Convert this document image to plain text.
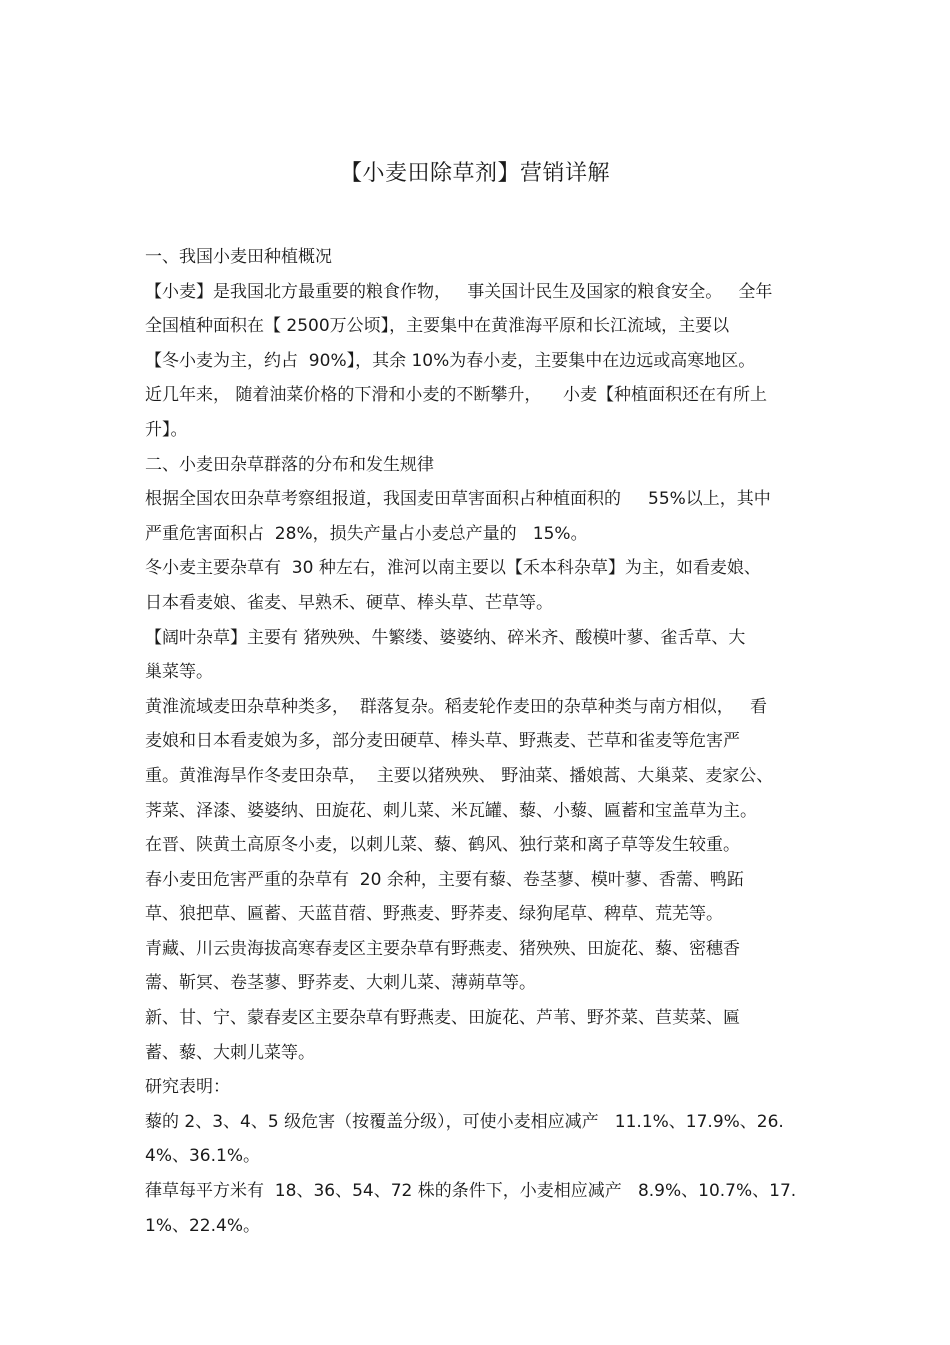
【小麦田除草剂】营销详解
一、我国小麦田种植概况
【小麦】是我国北方最重要的粮食作物，   事关国计民生及国家的粮食安全。   全年
全国植种面积在【 2500万公顷】，主要集中在黄淮海平原和长江流域，主要以
【冬小麦为主，约占  90%】，其余 10%为春小麦，主要集中在边远或高寒地区。
近几年来， 随着油菜价格的下滑和小麦的不断攀升，    小麦【种植面积还在有所上
升】。
二、小麦田杂草群落的分布和发生规律
根据全国农田杂草考察组报道，我国麦田草害面积占种植面积的     55%以上，其中
严重危害面积占  28%，损失产量占小麦总产量的   15%。
冬小麦主要杂草有  30 种左右，淮河以南主要以【禾本科杂草】为主，如看麦娘、
日本看麦娘、雀麦、早熟禾、硬草、棒头草、芒草等。
【阔叶杂草】主要有 猪殃殃、牛繁缕、婆婆纳、碎米齐、酸模叶蓼、雀舌草、大
巢菜等。
黄淮流域麦田杂草种类多，  群落复杂。稻麦轮作麦田的杂草种类与南方相似，   看
麦娘和日本看麦娘为多，部分麦田硬草、棒头草、野燕麦、芒草和雀麦等危害严
重。黄淮海旱作冬麦田杂草，  主要以猪殃殃、 野油菜、播娘蒿、大巢菜、麦家公、
荠菜、泽漆、婆婆纳、田旋花、刺儿菜、米瓦罐、藜、小藜、匾蓄和宝盖草为主。
在晋、陕黄土高原冬小麦，以刺儿菜、藜、鹤风、独行菜和离子草等发生较重。
春小麦田危害严重的杂草有  20 余种，主要有藜、卷茎蓼、模叶蓼、香薷、鸭跖
草、狼把草、匾蓄、天蓝苜蓿、野燕麦、野荞麦、绿狗尾草、稗草、荒芜等。
青藏、川云贵海拔高寒春麦区主要杂草有野燕麦、猪殃殃、田旋花、藜、密穗香
薷、靳冥、卷茎蓼、野荞麦、大刺儿菜、薄蒴草等。
新、甘、宁、蒙春麦区主要杂草有野燕麦、田旋花、芦苇、野芥菜、苣荬菜、匾
蓄、藜、大刺儿菜等。
研究表明：
藜的 2、3、4、5 级危害（按覆盖分级），可使小麦相应减产   11.1%、17.9%、26.
4%、36.1%。
葎草每平方米有  18、36、54、72 株的条件下，小麦相应减产   8.9%、10.7%、17.
1%、22.4%。
